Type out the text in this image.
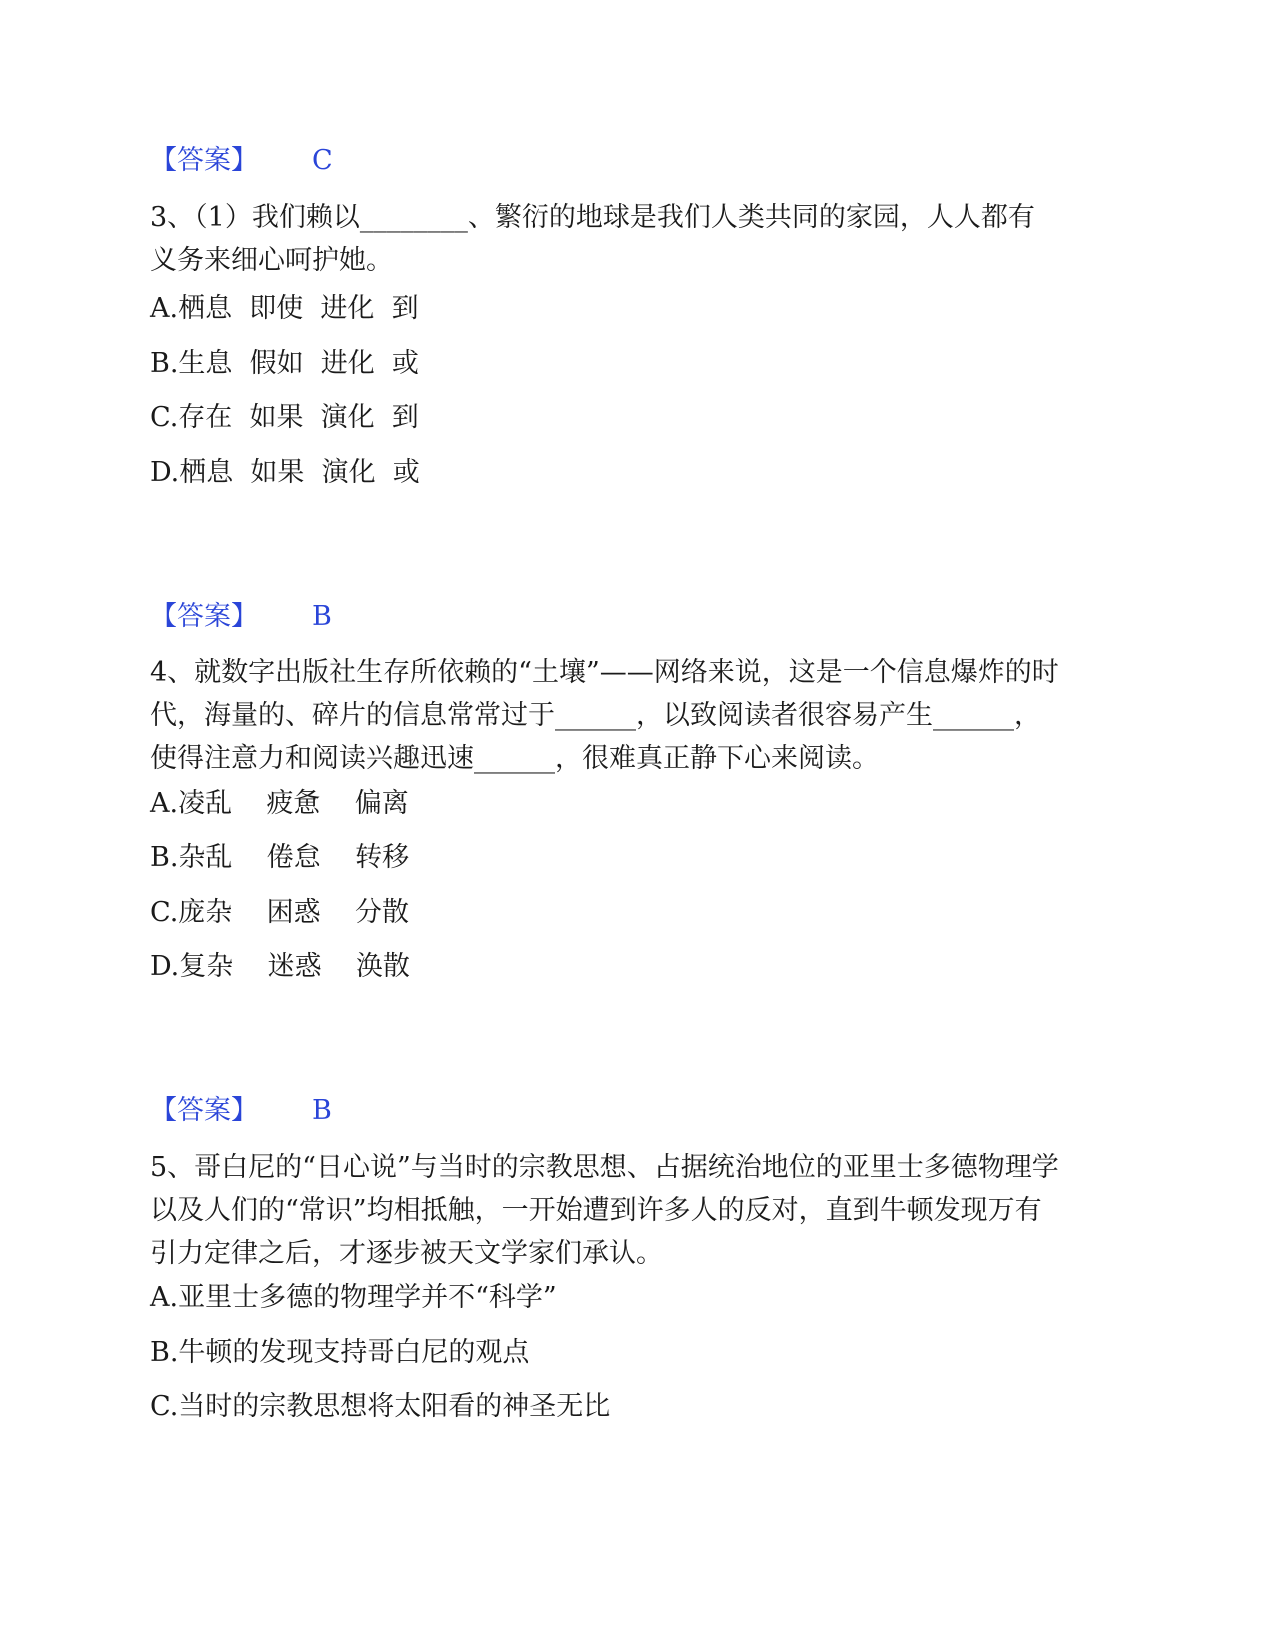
【答案】 C
3、（1）我们赖以________、繁衍的地球是我们人类共同的家园，人人都有
义务来细心呵护她。
A.栖息  即使  进化  到
B.生息  假如  进化  或
C.存在  如果  演化  到
D.栖息  如果  演化  或
【答案】 B
4、就数字出版社生存所依赖的“土壤”——网络来说，这是一个信息爆炸的时
代，海量的、碎片的信息常常过于______，以致阅读者很容易产生______，
使得注意力和阅读兴趣迅速______，很难真正静下心来阅读。
A.凌乱    疲惫    偏离
B.杂乱    倦怠    转移
C.庞杂    困惑    分散
D.复杂    迷惑    涣散
【答案】 B
5、哥白尼的“日心说”与当时的宗教思想、占据统治地位的亚里士多德物理学
以及人们的“常识”均相抵触，一开始遭到许多人的反对，直到牛顿发现万有
引力定律之后，才逐步被天文学家们承认。
A.亚里士多德的物理学并不“科学”
B.牛顿的发现支持哥白尼的观点
C.当时的宗教思想将太阳看的神圣无比
